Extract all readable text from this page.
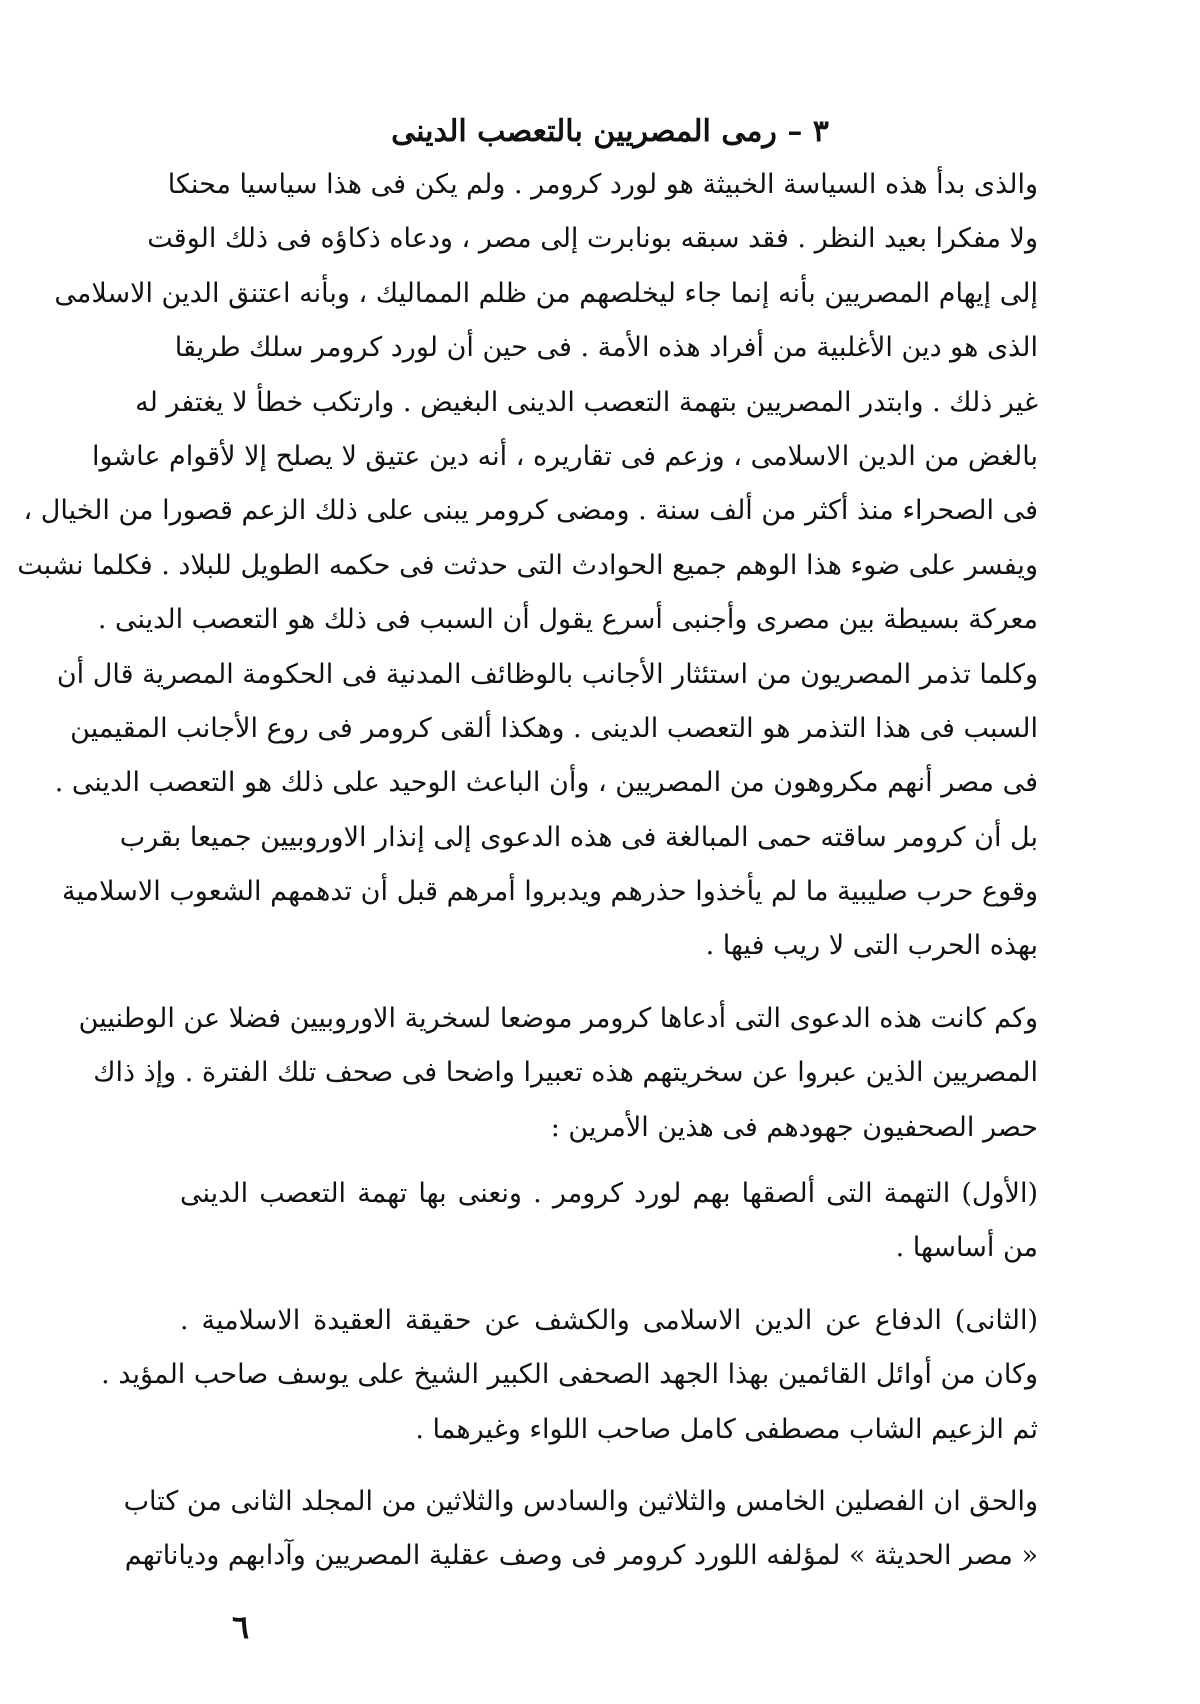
٣ – رمى المصريين بالتعصب الدينى
والذى بدأ هذه السياسة الخبيثة هو لورد كرومر . ولم يكن فى هذا سياسيا محنكا
ولا مفكرا بعيد النظر . فقد سبقه بونابرت إلى مصر ، ودعاه ذكاؤه فى ذلك الوقت
إلى إيهام المصريين بأنه إنما جاء ليخلصهم من ظلم المماليك ، وبأنه اعتنق الدين الاسلامى
الذى هو دين الأغلبية من أفراد هذه الأمة . فى حين أن لورد كرومر سلك طريقا
غير ذلك . وابتدر المصريين بتهمة التعصب الدينى البغيض . وارتكب خطأ لا يغتفر له
بالغض من الدين الاسلامى ، وزعم فى تقاريره ، أنه دين عتيق لا يصلح إلا لأقوام عاشوا
فى الصحراء منذ أكثر من ألف سنة . ومضى كرومر يبنى على ذلك الزعم قصورا من الخيال ،
ويفسر على ضوء هذا الوهم جميع الحوادث التى حدثت فى حكمه الطويل للبلاد . فكلما نشبت
معركة بسيطة بين مصرى وأجنبى أسرع يقول أن السبب فى ذلك هو التعصب الدينى .
وكلما تذمر المصريون من استئثار الأجانب بالوظائف المدنية فى الحكومة المصرية قال أن
السبب فى هذا التذمر هو التعصب الدينى . وهكذا ألقى كرومر فى روع الأجانب المقيمين
فى مصر أنهم مكروهون من المصريين ، وأن الباعث الوحيد على ذلك هو التعصب الدينى .
بل أن كرومر ساقته حمى المبالغة فى هذه الدعوى إلى إنذار الاوروبيين جميعا بقرب
وقوع حرب صليبية ما لم يأخذوا حذرهم ويدبروا أمرهم قبل أن تدهمهم الشعوب الاسلامية
بهذه الحرب التى لا ريب فيها .
وكم كانت هذه الدعوى التى أدعاها كرومر موضعا لسخرية الاوروبيين فضلا عن الوطنيين
المصريين الذين عبروا عن سخريتهم هذه تعبيرا واضحا فى صحف تلك الفترة . وإذ ذاك
حصر الصحفيون جهودهم فى هذين الأمرين :
(الأول) التهمة التى ألصقها بهم لورد كرومر . ونعنى بها تهمة التعصب الدينى
من أساسها .
(الثانى) الدفاع عن الدين الاسلامى والكشف عن حقيقة العقيدة الاسلامية .
وكان من أوائل القائمين بهذا الجهد الصحفى الكبير الشيخ على يوسف صاحب المؤيد .
ثم الزعيم الشاب مصطفى كامل صاحب اللواء وغيرهما .
والحق ان الفصلين الخامس والثلاثين والسادس والثلاثين من المجلد الثانى من كتاب
« مصر الحديثة » لمؤلفه اللورد كرومر فى وصف عقلية المصريين وآدابهم ودياناتهم
٦
